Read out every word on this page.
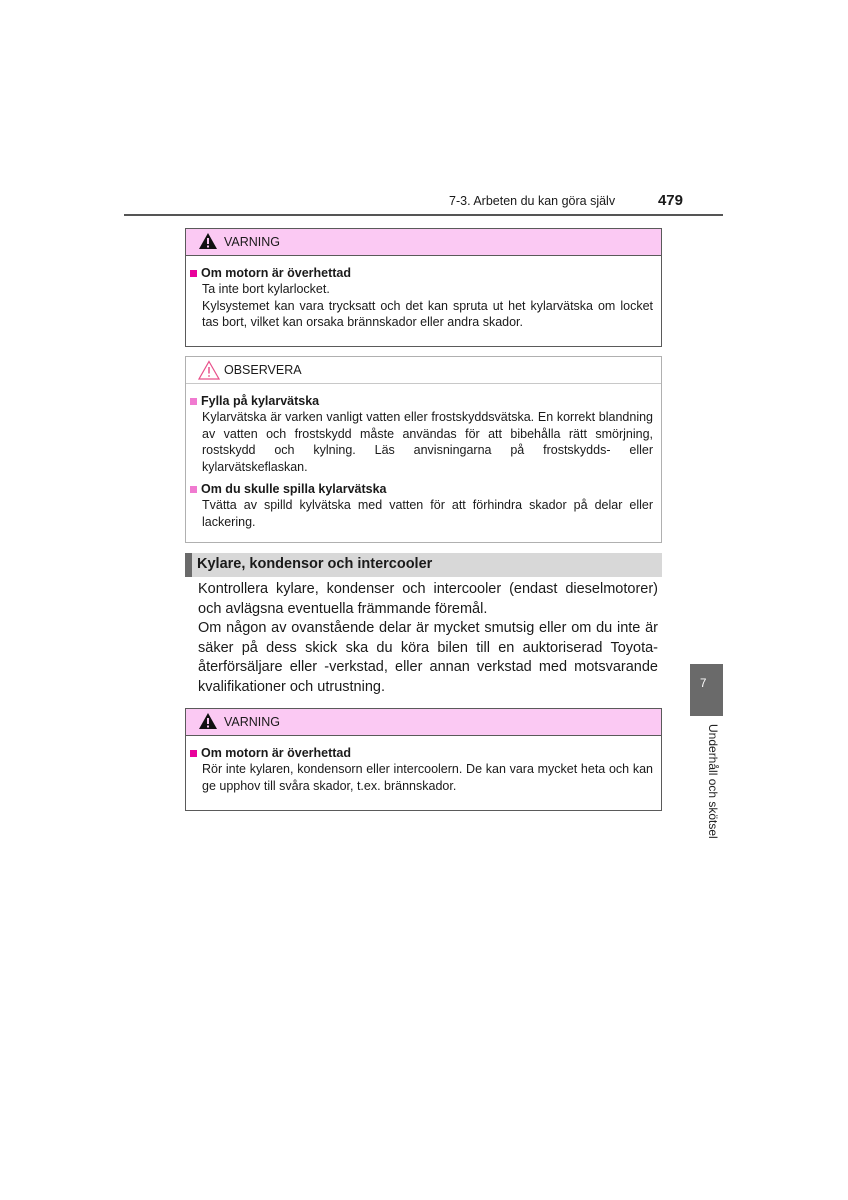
7-3. Arbeten du kan göra själv	479
VARNING
Om motorn är överhettad
Ta inte bort kylarlocket.
Kylsystemet kan vara trycksatt och det kan spruta ut het kylarvätska om locket tas bort, vilket kan orsaka brännskador eller andra skador.
OBSERVERA
Fylla på kylarvätska
Kylarvätska är varken vanligt vatten eller frostskyddsvätska. En korrekt blandning av vatten och frostskydd måste användas för att bibehålla rätt smörjning, rostskydd och kylning. Läs anvisningarna på frostskydds- eller kylarvätskeflaskan.
Om du skulle spilla kylarvätska
Tvätta av spilld kylvätska med vatten för att förhindra skador på delar eller lackering.
Kylare, kondensor och intercooler

Kontrollera kylare, kondenser och intercooler (endast dieselmotorer) och avlägsna eventuella främmande föremål.

Om någon av ovanstående delar är mycket smutsig eller om du inte är säker på dess skick ska du köra bilen till en auktoriserad Toyota-återförsäljare eller -verkstad, eller annan verkstad med motsvarande kvalifikationer och utrustning.

VARNING
Om motorn är överhettad
Rör inte kylaren, kondensorn eller intercoolern. De kan vara mycket heta och kan ge upphov till svåra skador, t.ex. brännskador.
7
Underhåll och skötsel
